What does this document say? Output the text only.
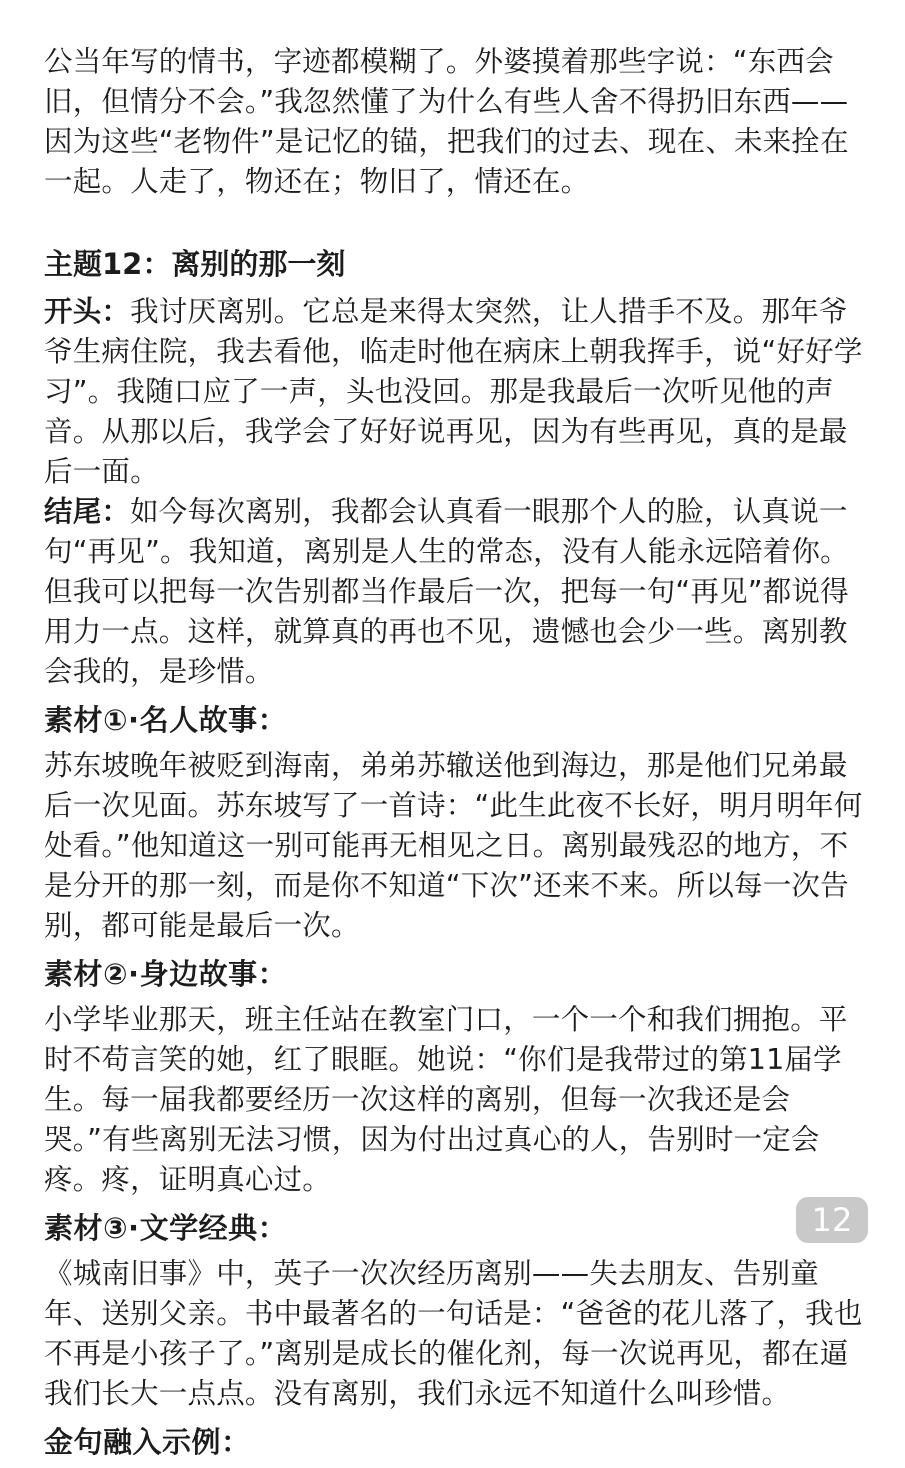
公当年写的情书，字迹都模糊了。外婆摸着那些字说：“东西会旧，但情分不会。”我忽然懂了为什么有些人舍不得扔旧东西——因为这些“老物件”是记忆的锚，把我们的过去、现在、未来拴在一起。人走了，物还在；物旧了，情还在。

主题12：离别的那一刻

开头：我讨厌离别。它总是来得太突然，让人措手不及。那年爷爷生病住院，我去看他，临走时他在病床上朝我挥手，说“好好学习”。我随口应了一声，头也没回。那是我最后一次听见他的声音。从那以后，我学会了好好说再见，因为有些再见，真的是最后一面。

结尾：如今每次离别，我都会认真看一眼那个人的脸，认真说一句“再见”。我知道，离别是人生的常态，没有人能永远陪着你。但我可以把每一次告别都当作最后一次，把每一句“再见”都说得用力一点。这样，就算真的再也不见，遗憾也会少一些。离别教会我的，是珍惜。

素材①·名人故事：

苏东坡晚年被贬到海南，弟弟苏辙送他到海边，那是他们兄弟最后一次见面。苏东坡写了一首诗：“此生此夜不长好，明月明年何处看。”他知道这一别可能再无相见之日。离别最残忍的地方，不是分开的那一刻，而是你不知道“下次”还来不来。所以每一次告别，都可能是最后一次。

素材②·身边故事：

小学毕业那天，班主任站在教室门口，一个一个和我们拥抱。平时不苟言笑的她，红了眼眶。她说：“你们是我带过的第11届学生。每一届我都要经历一次这样的离别，但每一次我还是会哭。”有些离别无法习惯，因为付出过真心的人，告别时一定会疼。疼，证明真心过。

素材③·文学经典：

《城南旧事》中，英子一次次经历离别——失去朋友、告别童年、送别父亲。书中最著名的一句话是：“爸爸的花儿落了，我也不再是小孩子了。”离别是成长的催化剂，每一次说再见，都在逼我们长大一点点。没有离别，我们永远不知道什么叫珍惜。

金句融入示例：
12
